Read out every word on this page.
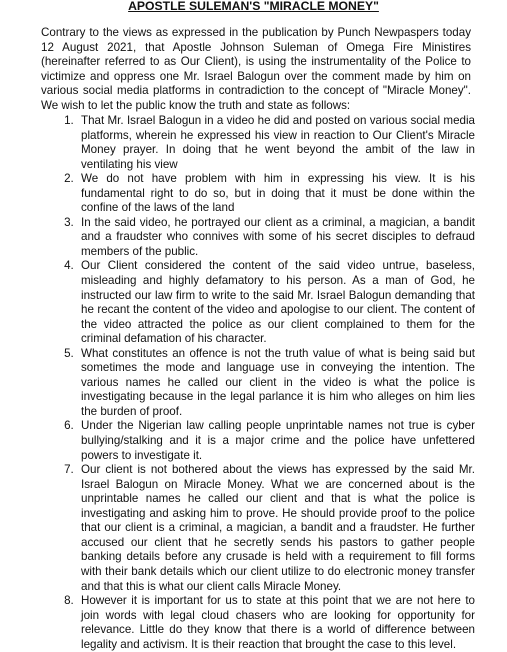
APOSTLE SULEMAN'S "MIRACLE MONEY"

Contrary to the views as expressed in the publication by Punch Newpaspers today 12 August 2021, that Apostle Johnson Suleman of Omega Fire Ministires (hereinafter referred to as Our Client), is using the instrumentality of the Police to victimize and oppress one Mr. Israel Balogun over the comment made by him on various social media platforms in contradiction to the concept of "Miracle Money". We wish to let the public know the truth and state as follows:

1. That Mr. Israel Balogun in a video he did and posted on various social media platforms, wherein he expressed his view in reaction to Our Client's Miracle Money prayer. In doing that he went beyond the ambit of the law in ventilating his view
2. We do not have problem with him in expressing his view. It is his fundamental right to do so, but in doing that it must be done within the confine of the laws of the land
3. In the said video, he portrayed our client as a criminal, a magician, a bandit and a fraudster who connives with some of his secret disciples to defraud members of the public.
4. Our Client considered the content of the said video untrue, baseless, misleading and highly defamatory to his person. As a man of God, he instructed our law firm to write to the said Mr. Israel Balogun demanding that he recant the content of the video and apologise to our client. The content of the video attracted the police as our client complained to them for the criminal defamation of his character.
5. What constitutes an offence is not the truth value of what is being said but sometimes the mode and language use in conveying the intention. The various names he called our client in the video is what the police is investigating because in the legal parlance it is him who alleges on him lies the burden of proof.
6. Under the Nigerian law calling people unprintable names not true is cyber bullying/stalking and it is a major crime and the police have unfettered powers to investigate it.
7. Our client is not bothered about the views has expressed by the said Mr. Israel Balogun on Miracle Money. What we are concerned about is the unprintable names he called our client and that is what the police is investigating and asking him to prove. He should provide proof to the police that our client is a criminal, a magician, a bandit and a fraudster. He further accused our client that he secretly sends his pastors to gather people banking details before any crusade is held with a requirement to fill forms with their bank details which our client utilize to do electronic money transfer and that this is what our client calls Miracle Money.
8. However it is important for us to state at this point that we are not here to join words with legal cloud chasers who are looking for opportunity for relevance. Little do they know that there is a world of difference between legality and activism. It is their reaction that brought the case to this level.
